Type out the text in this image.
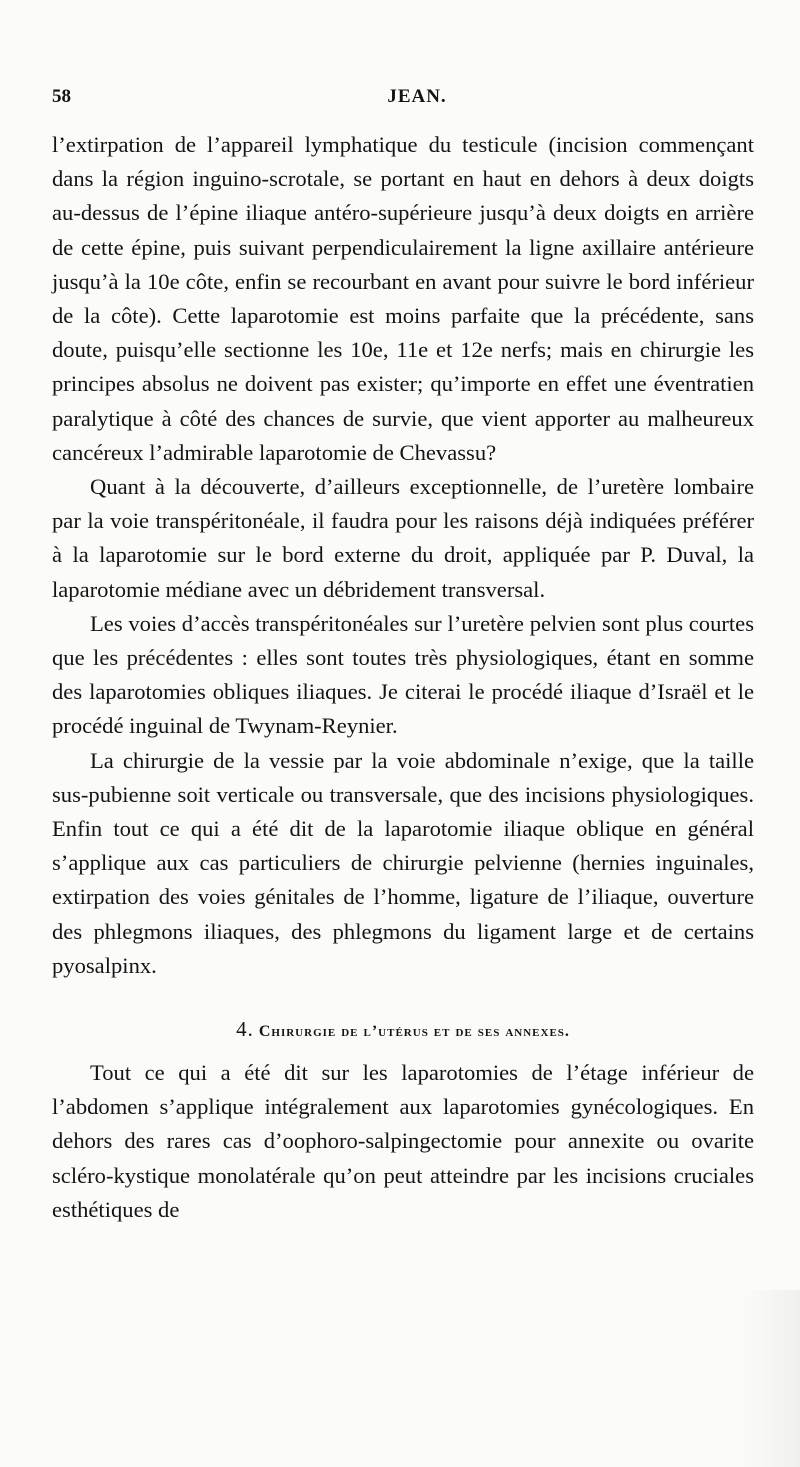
58	JEAN.

l’extirpation de l’appareil lymphatique du testicule (incision commençant dans la région inguino-scrotale, se portant en haut en dehors à deux doigts au-dessus de l’épine iliaque antéro-supérieure jusqu’à deux doigts en arrière de cette épine, puis suivant perpendiculairement la ligne axillaire antérieure jusqu’à la 10e côte, enfin se recourbant en avant pour suivre le bord inférieur de la côte). Cette laparotomie est moins parfaite que la précédente, sans doute, puisqu’elle sectionne les 10e, 11e et 12e nerfs; mais en chirurgie les principes absolus ne doivent pas exister; qu’importe en effet une éventratien paralytique à côté des chances de survie, que vient apporter au malheureux cancéreux l’admirable laparotomie de Chevassu?

Quant à la découverte, d’ailleurs exceptionnelle, de l’uretère lombaire par la voie transpéritonéale, il faudra pour les raisons déjà indiquées préférer à la laparotomie sur le bord externe du droit, appliquée par P. Duval, la laparotomie médiane avec un débridement transversal.

Les voies d’accès transpéritonéales sur l’uretère pelvien sont plus courtes que les précédentes : elles sont toutes très physiologiques, étant en somme des laparotomies obliques iliaques. Je citerai le procédé iliaque d’Israël et le procédé inguinal de Twynam-Reynier.

La chirurgie de la vessie par la voie abdominale n’exige, que la taille sus-pubienne soit verticale ou transversale, que des incisions physiologiques. Enfin tout ce qui a été dit de la laparotomie iliaque oblique en général s’applique aux cas particuliers de chirurgie pelvienne (hernies inguinales, extirpation des voies génitales de l’homme, ligature de l’iliaque, ouverture des phlegmons iliaques, des phlegmons du ligament large et de certains pyosalpinx.

4. Chirurgie de l’utérus et de ses annexes.

Tout ce qui a été dit sur les laparotomies de l’étage inférieur de l’abdomen s’applique intégralement aux laparotomies gynécologiques. En dehors des rares cas d’oophoro-salpingectomie pour annexite ou ovarite scléro-kystique monolatérale qu’on peut atteindre par les incisions cruciales esthétiques de
